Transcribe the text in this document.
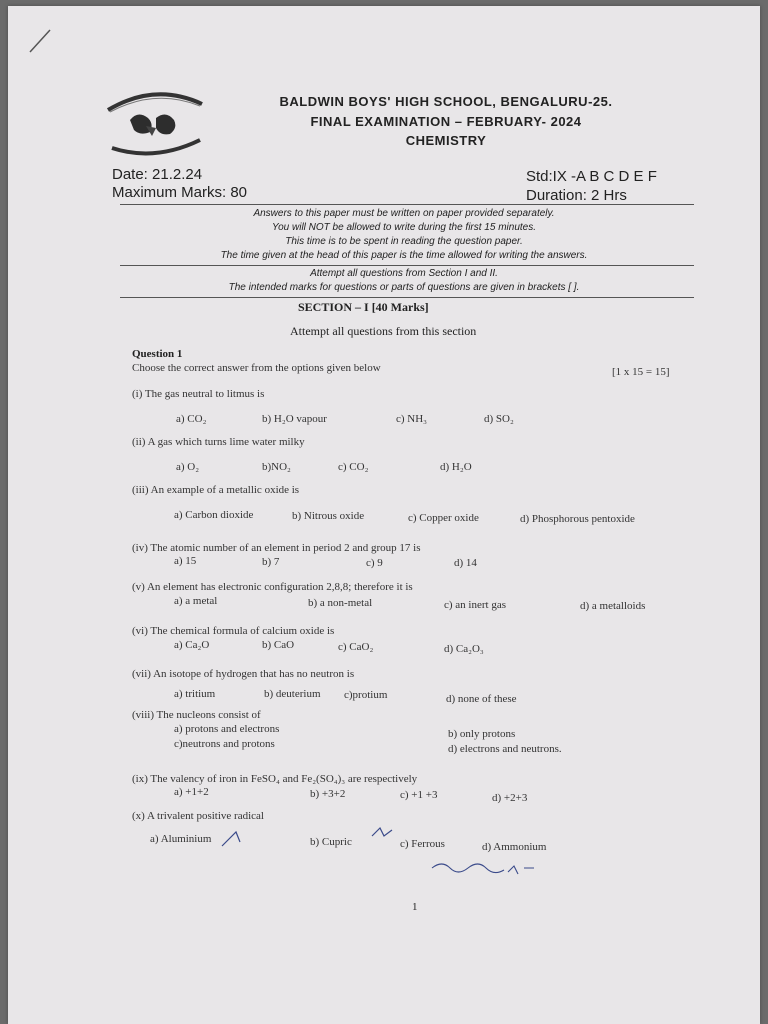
BALDWIN BOYS' HIGH SCHOOL, BENGALURU-25.
FINAL EXAMINATION – FEBRUARY- 2024
CHEMISTRY
Date: 21.2.24
Maximum Marks: 80
Std:IX -A B C D E F
Duration: 2 Hrs
Answers to this paper must be written on paper provided separately.
You will NOT be allowed to write during the first 15 minutes.
This time is to be spent in reading the question paper.
The time given at the head of this paper is the time allowed for writing the answers.
Attempt all questions from Section I and II.
The intended marks for questions or parts of questions are given in brackets [ ].
SECTION – I [40 Marks]
Attempt all questions from this section
Question 1
Choose the correct answer from the options given below	[1 x 15 = 15]
(i) The gas neutral to litmus is
a) CO₂	b) H₂O vapour	c) NH₃	d) SO₂
(ii) A gas which turns lime water milky
a) O₂	b)NO₂	c) CO₂	d) H₂O
(iii) An example of a metallic oxide is
a) Carbon dioxide	b) Nitrous oxide	c) Copper oxide	d) Phosphorous pentoxide
(iv) The atomic number of an element in period 2 and group 17 is
a) 15	b) 7	c) 9	d) 14
(v) An element has electronic configuration 2,8,8; therefore it is
a) a metal	b) a non-metal	c) an inert gas	d) a metalloids
(vi) The chemical formula of calcium oxide is
a) Ca₂O	b) CaO	c) CaO₂	d) Ca₂O₃
(vii) An isotope of hydrogen that has no neutron is
a) tritium	b) deuterium c)protium	d) none of these
(viii) The nucleons consist of
a) protons and electrons	b) only protons
c)neutrons and protons	d) electrons and neutrons.
(ix) The valency of iron in FeSO₄ and Fe₂(SO₄)₃ are respectively
a) +1+2	b) +3+2	c) +1 +3	d) +2+3
(x) A trivalent positive radical
a) Aluminium	b) Cupric	c) Ferrous	d) Ammonium
1
